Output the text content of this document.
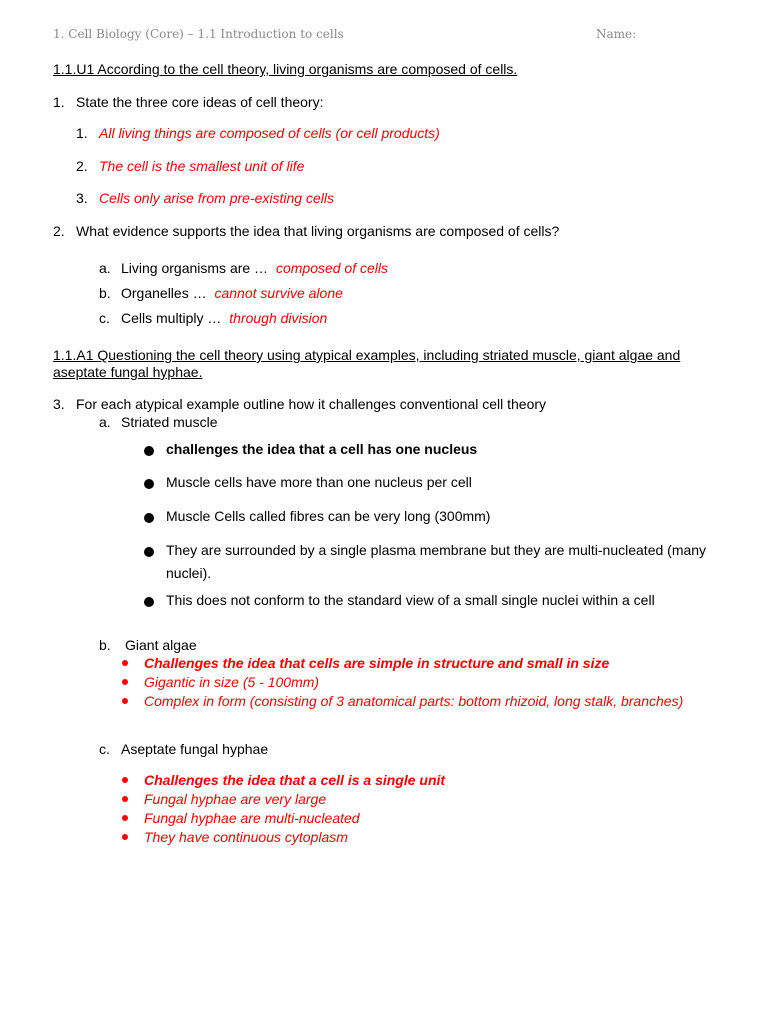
1. Cell Biology (Core) – 1.1 Introduction to cells	Name:
1.1.U1 According to the cell theory, living organisms are composed of cells.
1. State the three core ideas of cell theory:
1. All living things are composed of cells (or cell products)
2. The cell is the smallest unit of life
3. Cells only arise from pre-existing cells
2. What evidence supports the idea that living organisms are composed of cells?
a. Living organisms are … composed of cells
b. Organelles … cannot survive alone
c. Cells multiply … through division
1.1.A1 Questioning the cell theory using atypical examples, including striated muscle, giant algae and
aseptate fungal hyphae.
3. For each atypical example outline how it challenges conventional cell theory
a. Striated muscle
challenges the idea that a cell has one nucleus
Muscle cells have more than one nucleus per cell
Muscle Cells called fibres can be very long (300mm)
They are surrounded by a single plasma membrane but they are multi-nucleated (many
nuclei).
This does not conform to the standard view of a small single nuclei within a cell
b. Giant algae
Challenges the idea that cells are simple in structure and small in size
Gigantic in size (5 - 100mm)
Complex in form (consisting of 3 anatomical parts: bottom rhizoid, long stalk, branches)
c. Aseptate fungal hyphae
Challenges the idea that a cell is a single unit
Fungal hyphae are very large
Fungal hyphae are multi-nucleated
They have continuous cytoplasm
